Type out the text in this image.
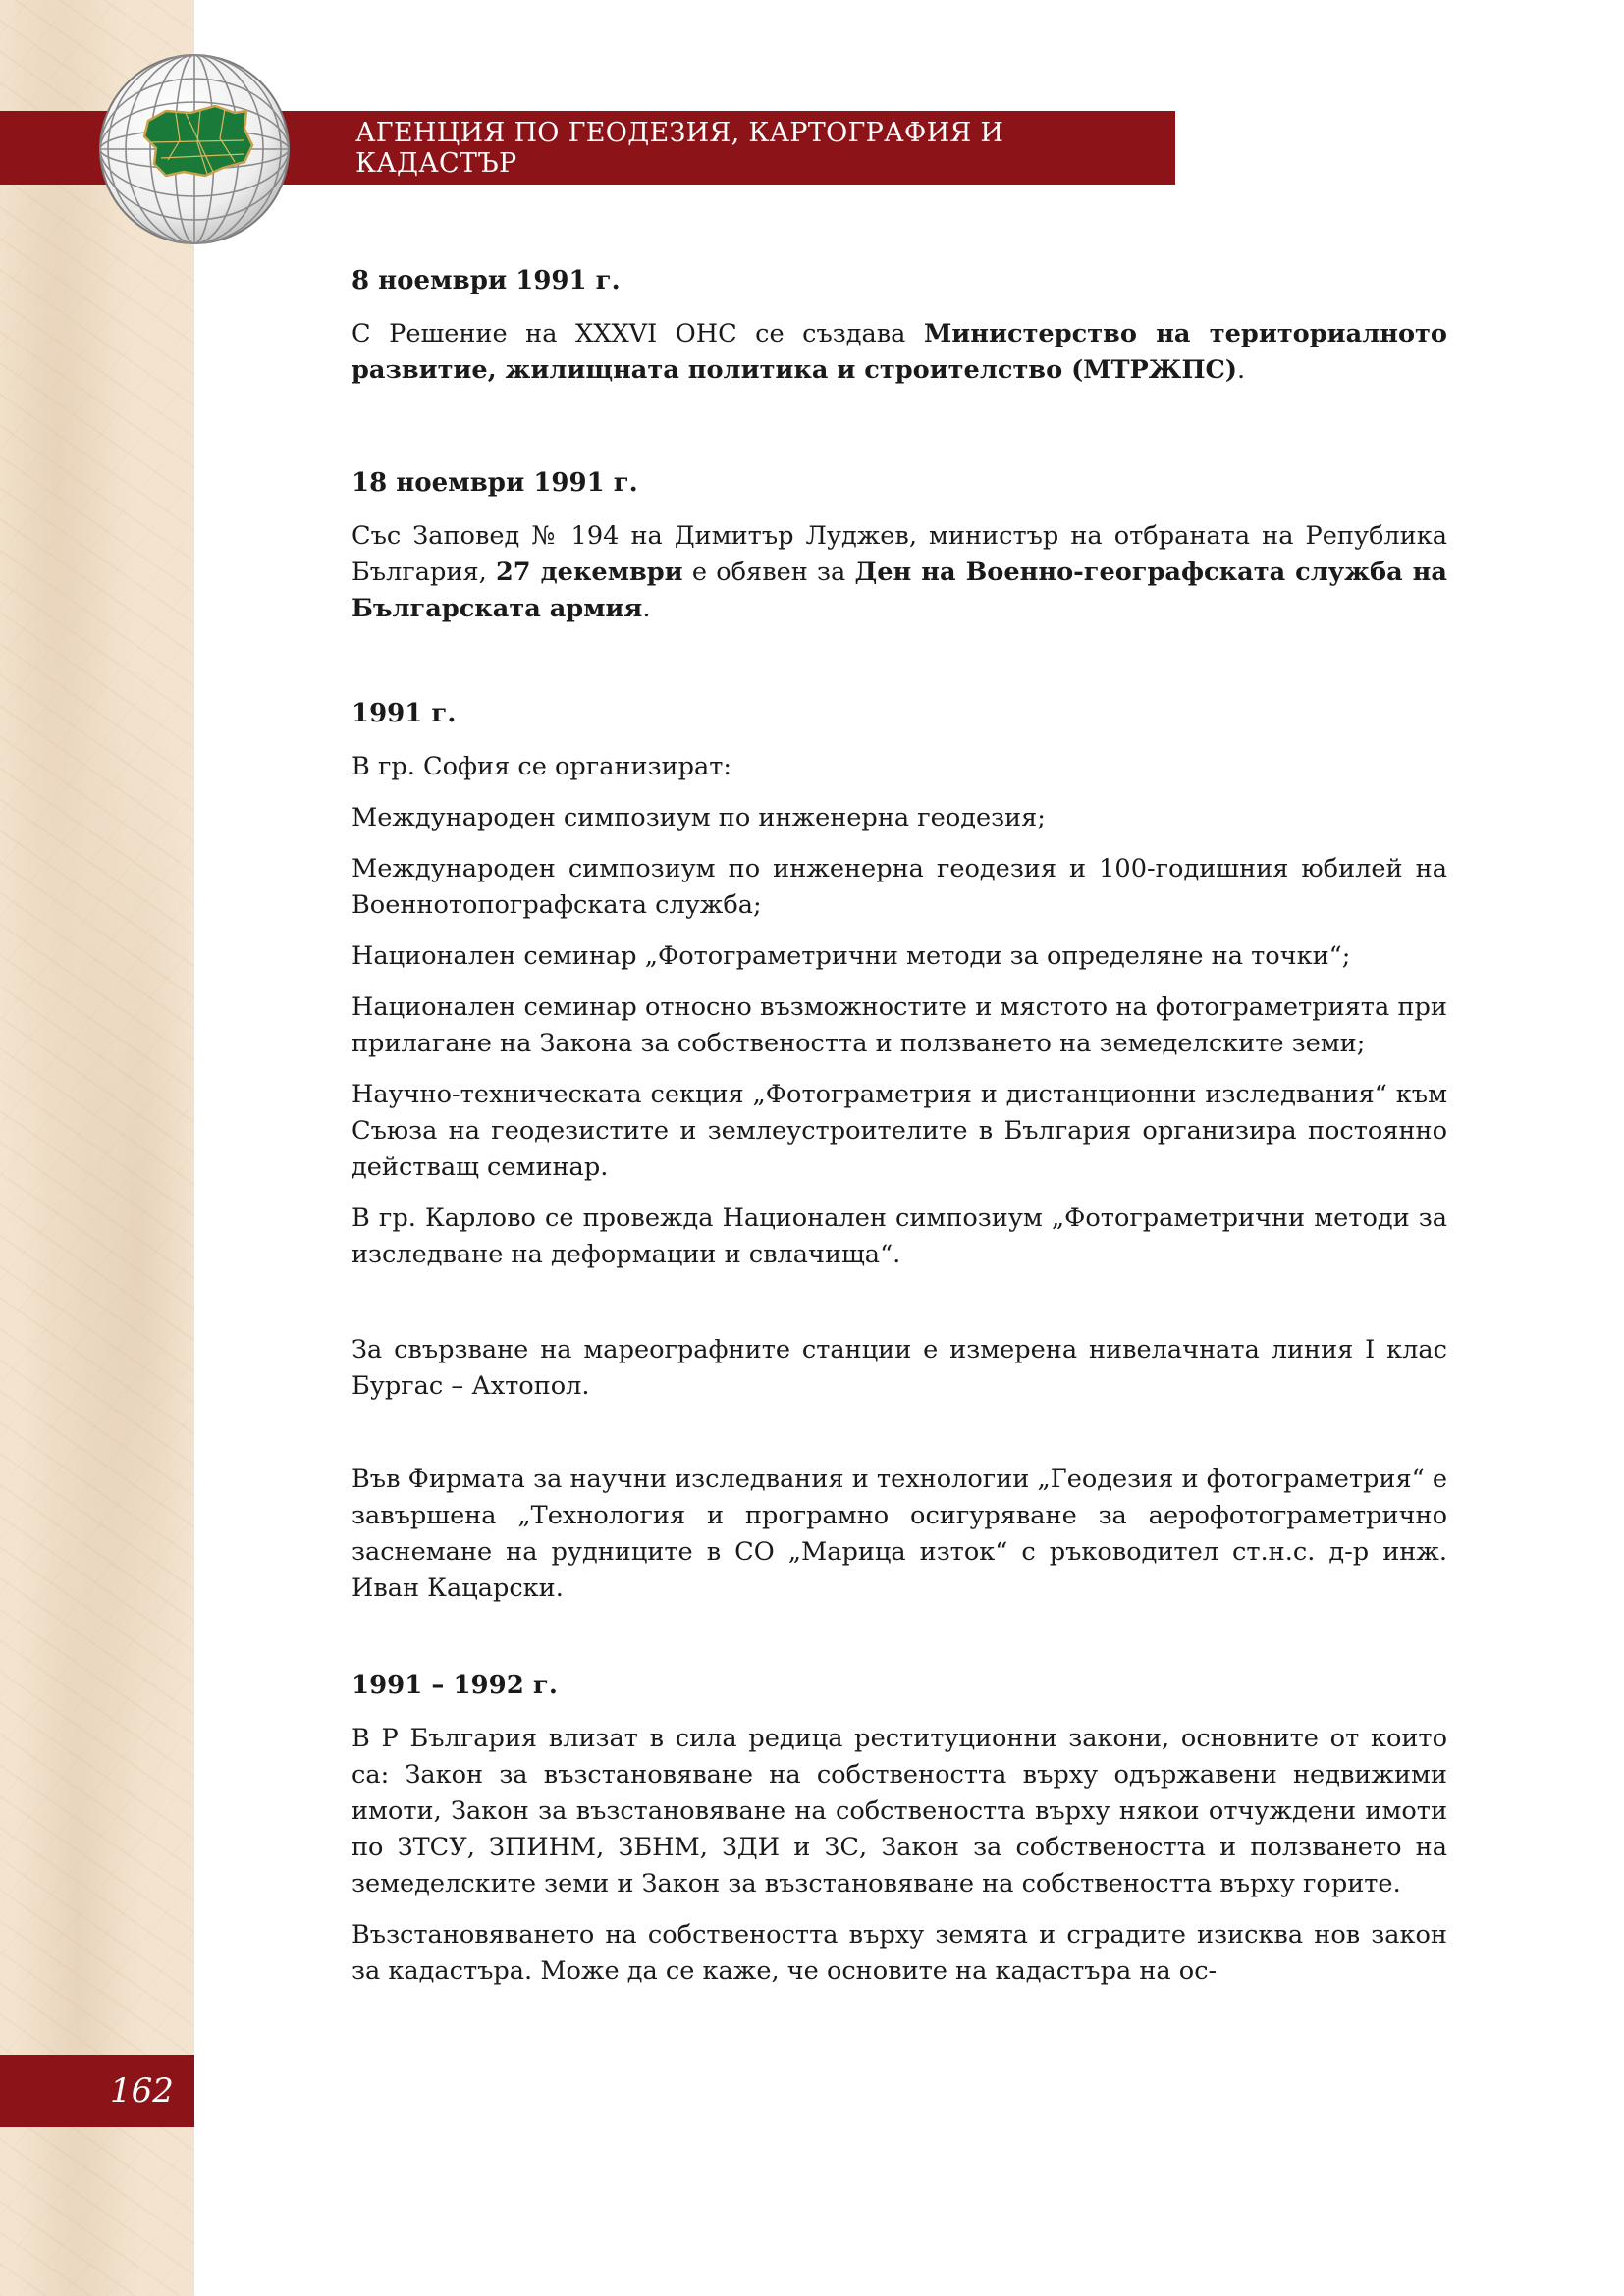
АГЕНЦИЯ ПО ГЕОДЕЗИЯ, КАРТОГРАФИЯ И КАДАСТЪР
162
8 ноември 1991 г.
С Решение на XXXVI ОНС се създава Министерство на териториалното развитие, жилищната политика и строителство (МТРЖПС).
18 ноември 1991 г.
Със Заповед № 194 на Димитър Луджев, министър на отбраната на Република България, 27 декември е обявен за Ден на Военно-географската служба на Българската армия.
1991 г.
В гр. София се организират:
Международен симпозиум по инженерна геодезия;
Международен симпозиум по инженерна геодезия и 100-годишния юбилей на Военнотопографската служба;
Национален семинар „Фотограметрични методи за определяне на точки“;
Национален семинар относно възможностите и мястото на фотограметрията при прилагане на Закона за собствеността и ползването на земеделските земи;
Научно-техническата секция „Фотограметрия и дистанционни изследвания“ към Съюза на геодезистите и землеустроителите в България организира постоянно действащ семинар.
В гр. Карлово се провежда Национален симпозиум „Фотограметрични методи за изследване на деформации и свлачища“.
За свързване на мареографните станции е измерена нивелачната линия I клас Бургас – Ахтопол.
Във Фирмата за научни изследвания и технологии „Геодезия и фотограметрия“ е завършена „Технология и програмно осигуряване за аерофотограметрично заснемане на рудниците в СО „Марица изток“ с ръководител ст.н.с. д-р инж. Иван Кацарски.
1991 – 1992 г.
В Р България влизат в сила редица реституционни закони, основните от които са: Закон за възстановяване на собствеността върху одържавени недвижими имоти, Закон за възстановяване на собствеността върху някои отчуждени имоти по ЗТСУ, ЗПИНМ, ЗБНМ, ЗДИ и ЗС, Закон за собствеността и ползването на земеделските земи и Закон за възстановяване на собствеността върху горите.
Възстановяването на собствеността върху земята и сградите изисква нов закон за кадастъра. Може да се каже, че основите на кадастъра на ос-
